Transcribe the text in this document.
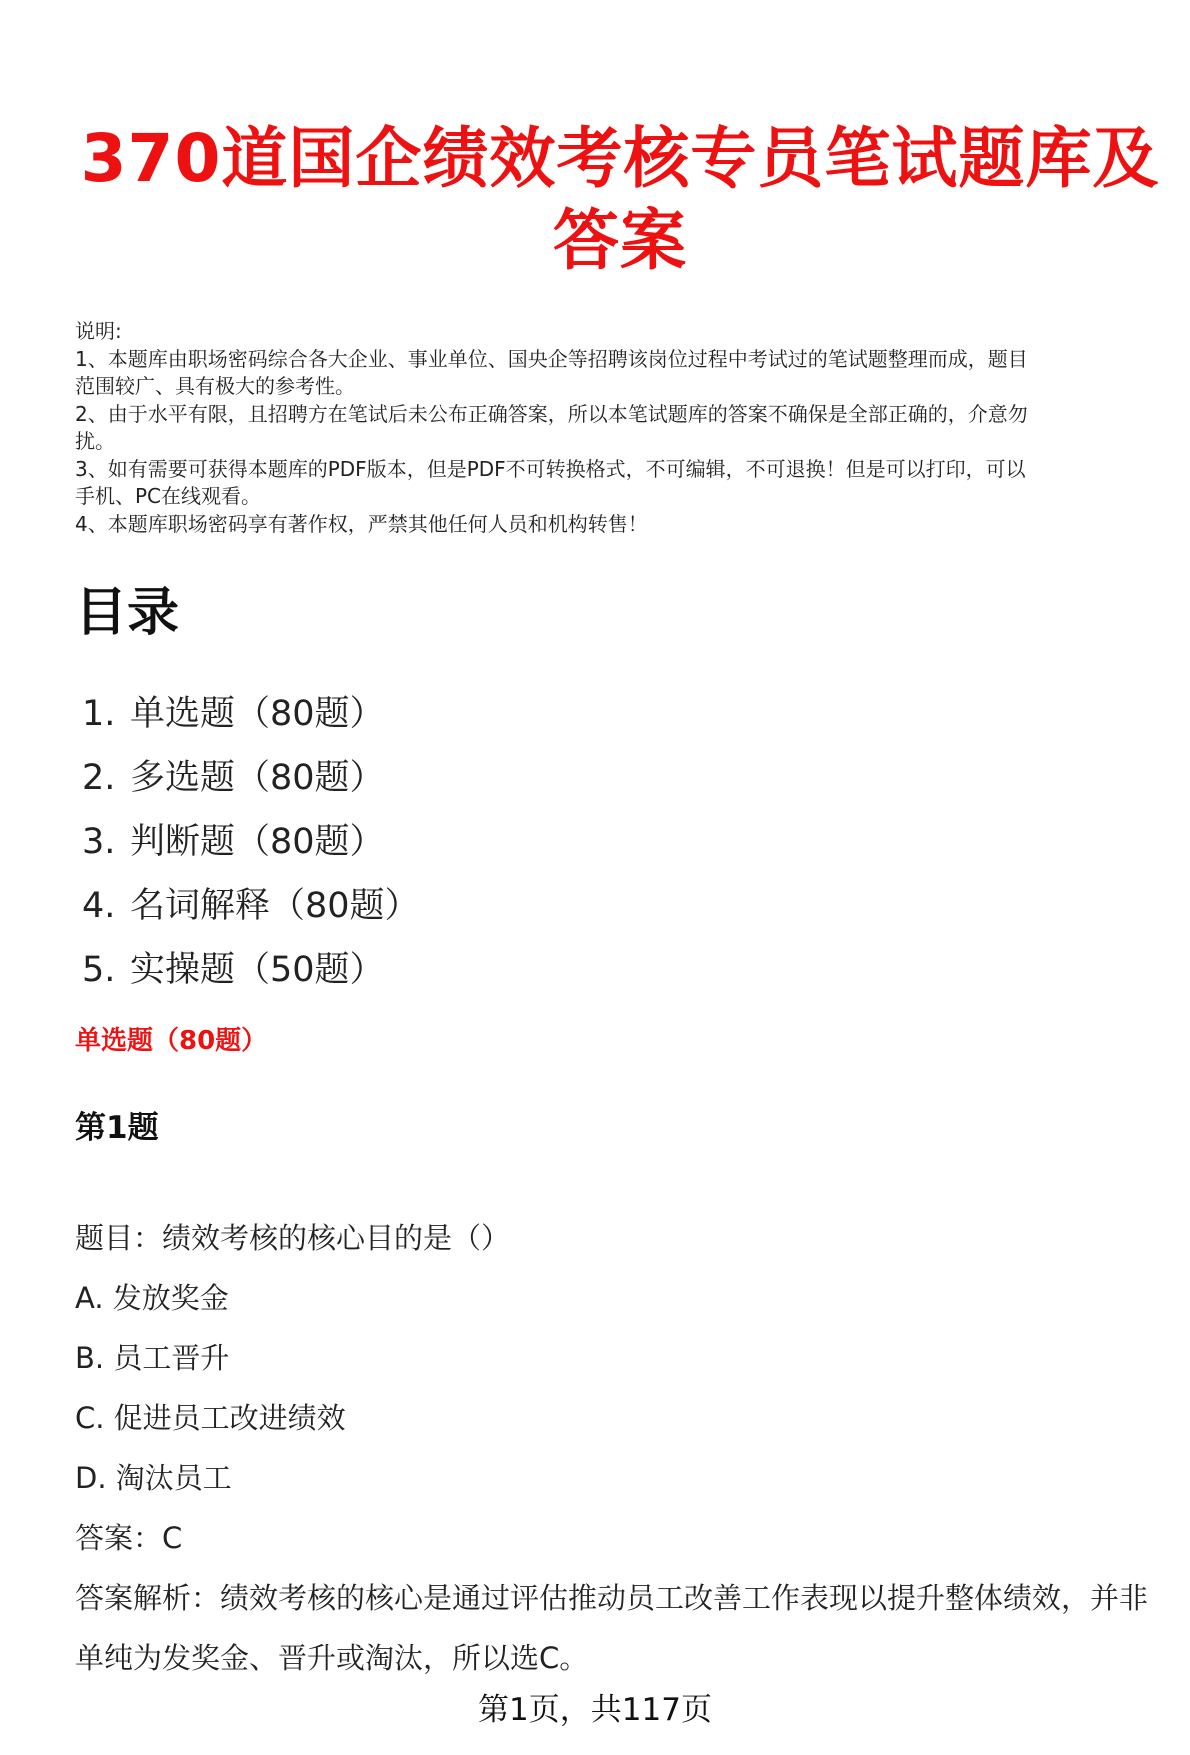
370道国企绩效考核专员笔试题库及答案
说明:
1、本题库由职场密码综合各大企业、事业单位、国央企等招聘该岗位过程中考试过的笔试题整理而成，题目
范围较广、具有极大的参考性。
2、由于水平有限，且招聘方在笔试后未公布正确答案，所以本笔试题库的答案不确保是全部正确的，介意勿
扰。
3、如有需要可获得本题库的PDF版本，但是PDF不可转换格式，不可编辑，不可退换！但是可以打印，可以
手机、PC在线观看。
4、本题库职场密码享有著作权，严禁其他任何人员和机构转售！
目录
1. 单选题（80题）
2. 多选题（80题）
3. 判断题（80题）
4. 名词解释（80题）
5. 实操题（50题）
单选题（80题）
第1题
题目：绩效考核的核心目的是（）
A. 发放奖金
B. 员工晋升
C. 促进员工改进绩效
D. 淘汰员工
答案：C
答案解析：绩效考核的核心是通过评估推动员工改善工作表现以提升整体绩效，并非单纯为发奖金、晋升或淘汰，所以选C。
第1页，共117页
